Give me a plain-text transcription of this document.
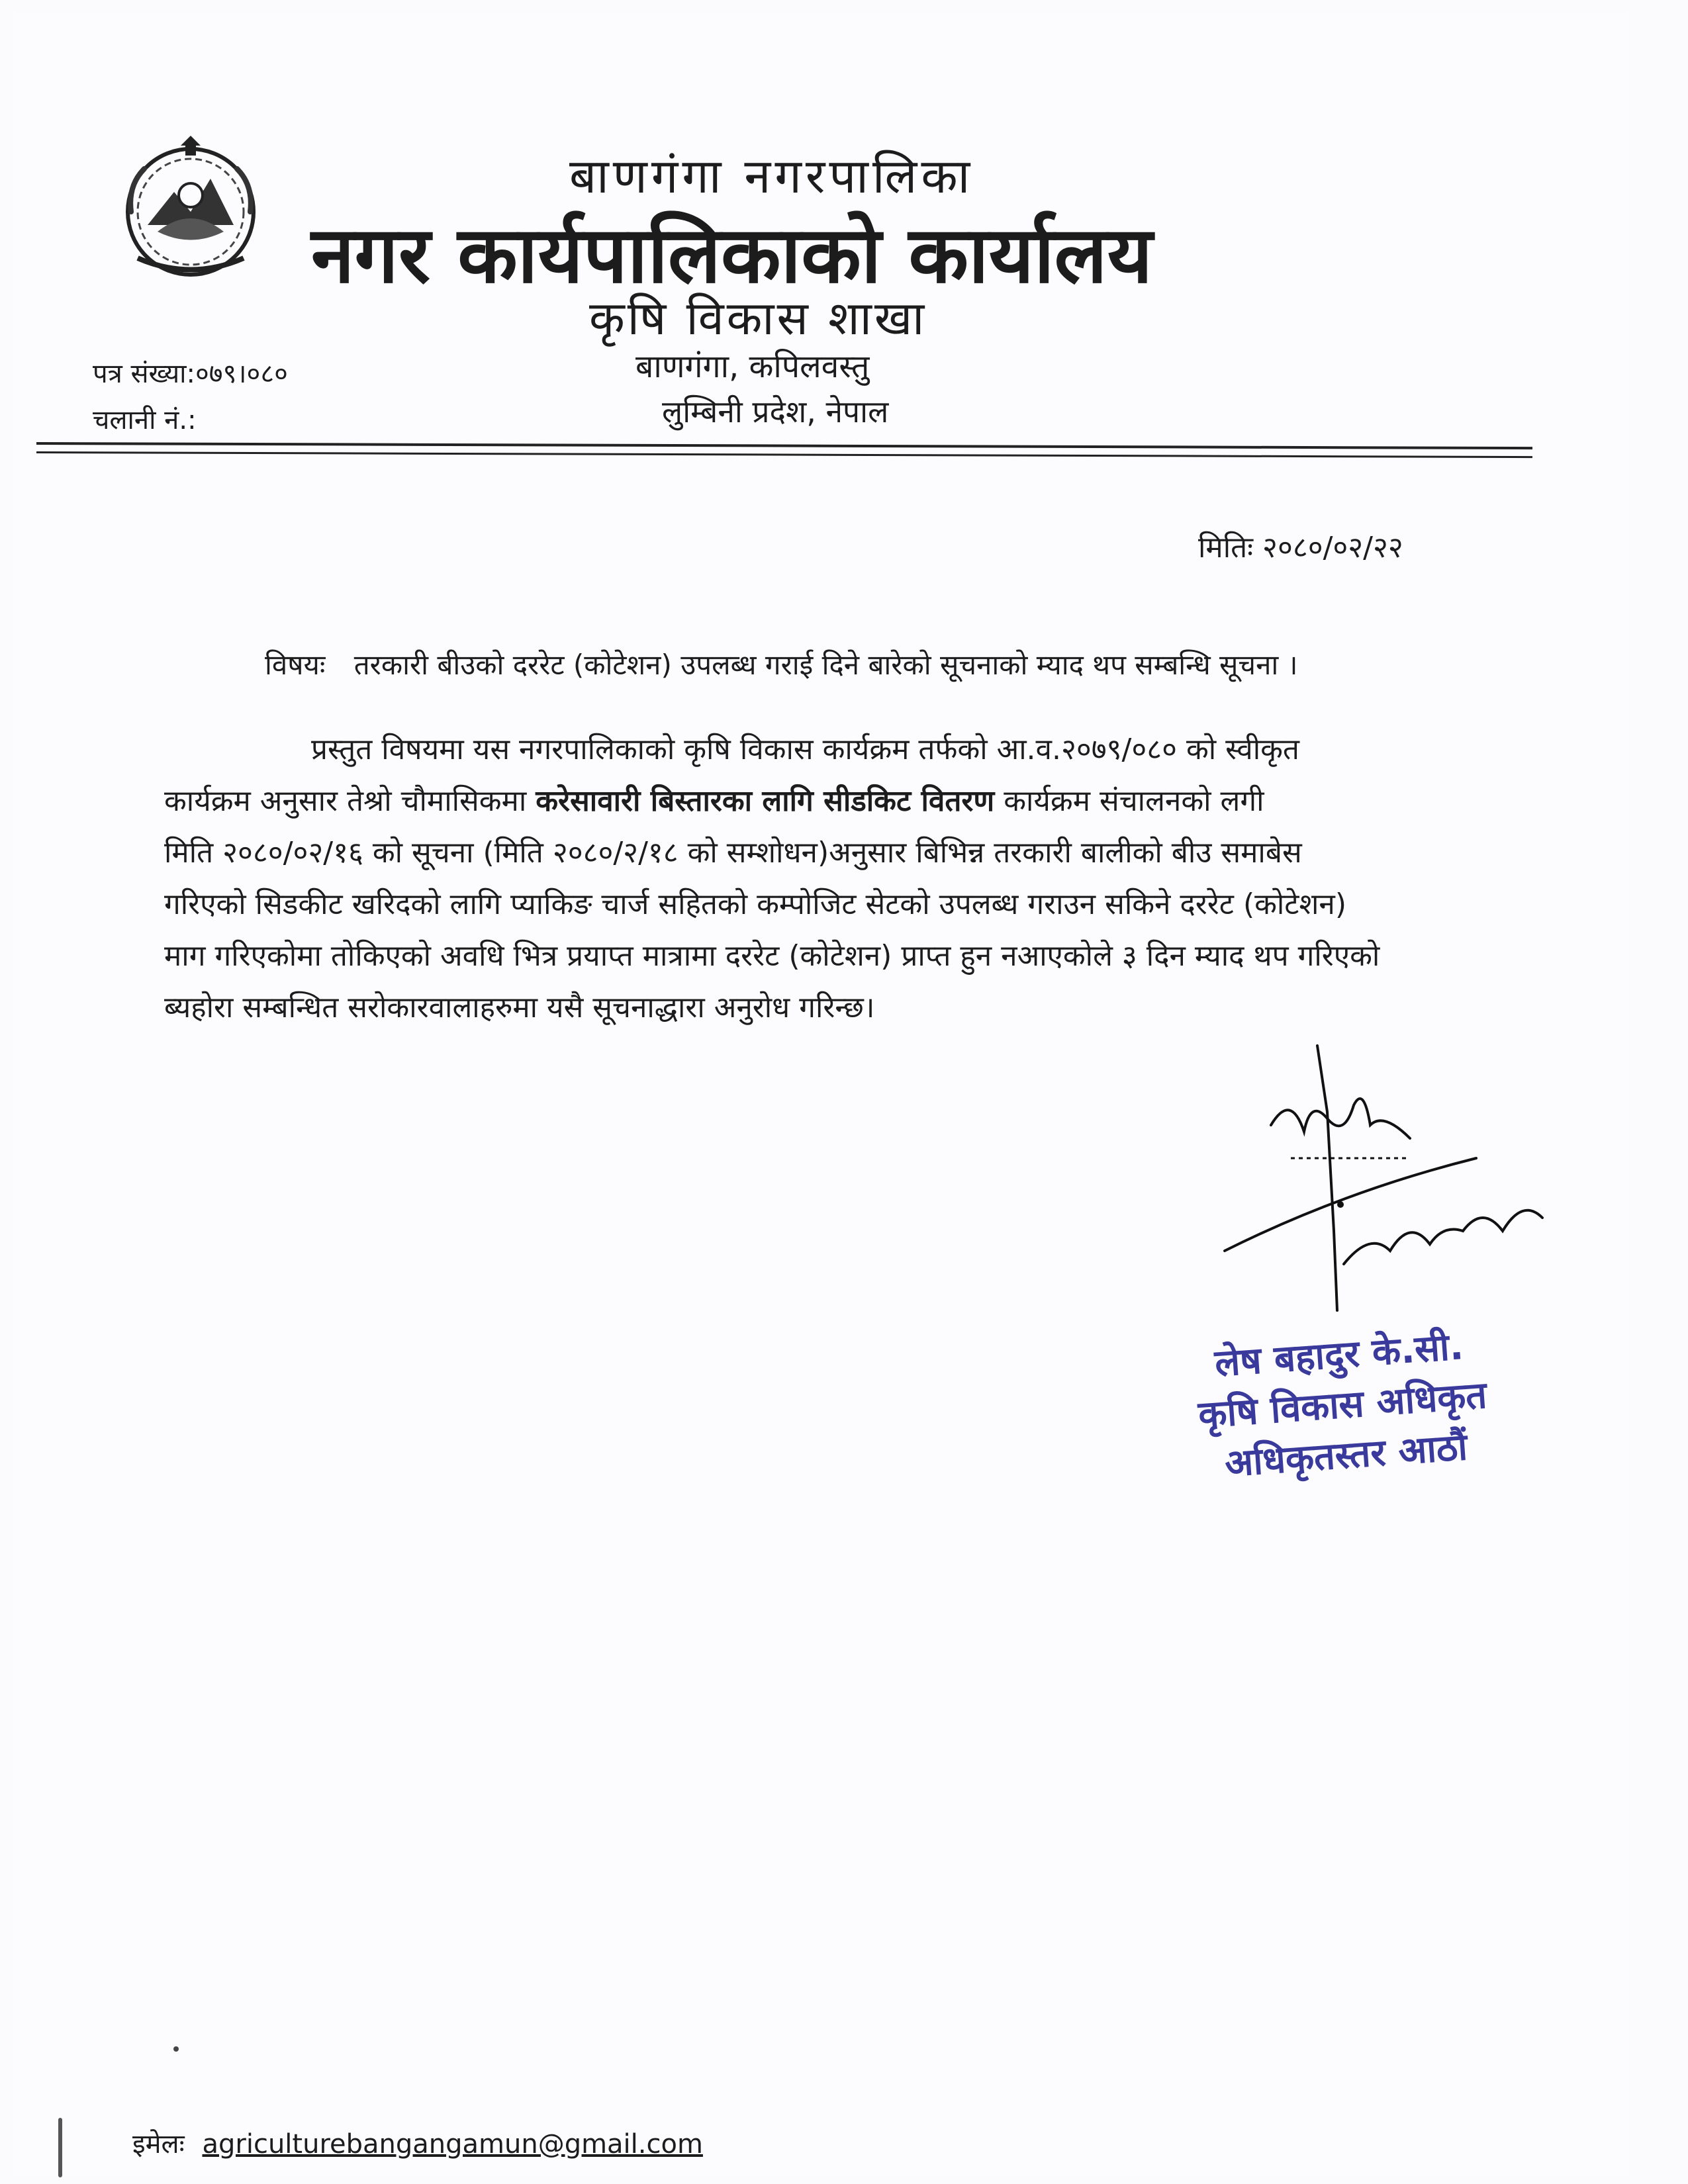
बाणगंगा नगरपालिका
नगर कार्यपालिकाको कार्यालय
कृषि विकास शाखा
बाणगंगा, कपिलवस्तु
लुम्बिनी प्रदेश, नेपाल
पत्र संख्या:०७९।०८०
चलानी नं.:
मितिः २०८०/०२/२२
विषयः तरकारी बीउको दररेट (कोटेशन) उपलब्ध गराई दिने बारेको सूचनाको म्याद थप सम्बन्धि सूचना ।
प्रस्तुत विषयमा यस नगरपालिकाको कृषि विकास कार्यक्रम तर्फको आ.व.२०७९/०८० को स्वीकृत
कार्यक्रम अनुसार तेश्रो चौमासिकमा करेसावारी बिस्तारका लागि सीडकिट वितरण कार्यक्रम संचालनको लगी
मिति २०८०/०२/१६ को सूचना (मिति २०८०/२/१८ को सम्शोधन)अनुसार बिभिन्न तरकारी बालीको बीउ समाबेस
गरिएको सिडकीट खरिदको लागि प्याकिङ चार्ज सहितको कम्पोजिट सेटको उपलब्ध गराउन सकिने दररेट (कोटेशन)
माग गरिएकोमा तोकिएको अवधि भित्र प्रयाप्त मात्रामा दररेट (कोटेशन) प्राप्त हुन नआएकोले ३ दिन म्याद थप गरिएको
ब्यहोरा सम्बन्धित सरोकारवालाहरुमा यसै सूचनाद्धारा अनुरोध गरिन्छ।
लेष बहादुर के.सी.
कृषि विकास अधिकृत
अधिकृतस्तर आठौं
इमेलः agriculturebangangamun@gmail.com
